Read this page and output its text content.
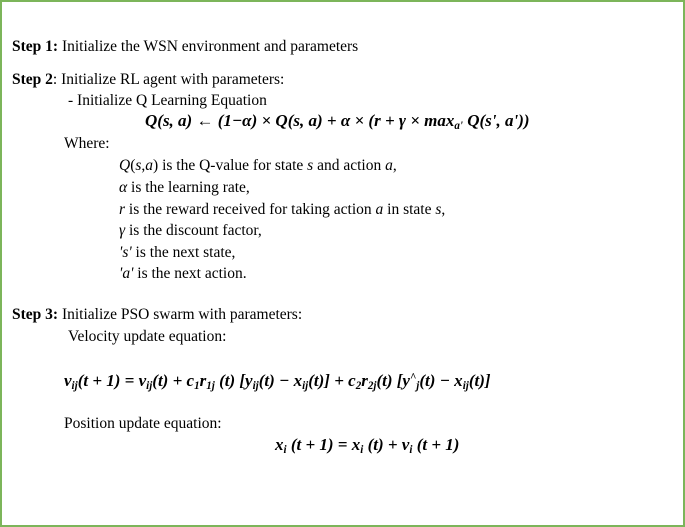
Step 1: Initialize the WSN environment and parameters
Step 2: Initialize RL agent with parameters:
- Initialize Q Learning Equation
Q(s, a) ← (1−α) × Q(s, $a) + \alpha \times (r + \gamma \times \max_{a'} Q(s'$, a'))
Where:
Q(s,a) is the Q-value for state s and action a,
α is the learning rate,
r is the reward received for taking action a in state s,
γ is the discount factor,
's' is the next state,
'a' is the next action.
Step 3: Initialize PSO swarm with parameters:
Velocity update equation:
$v_{ij}(t + 1) = v_{ij}(t) + c_1r_{1j}$ (t) $[y_{ij}(t) - x_{ij}(t)] + c_2r_{2j}(t) [y^{\^{}}_j(t) - x_{ij}(t)]$
Position update equation:
$x_i$ $(t + 1) = x_i$ $(t) + v_i$ (t + 1)
